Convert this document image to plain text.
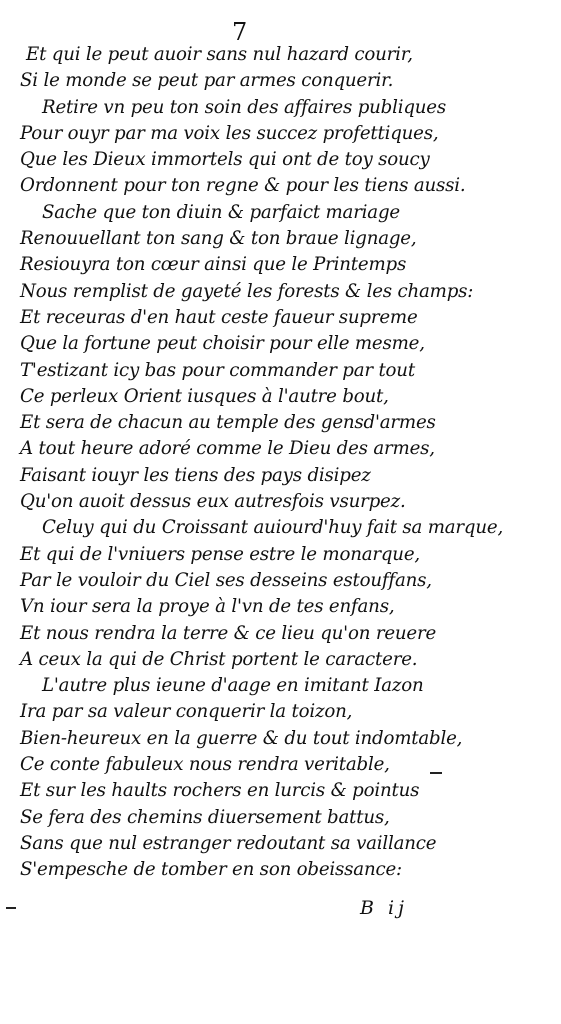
7
Et qui le peut auoir sans nul hazard courir,
Si le monde se peut par armes conquerir.
Retire vn peu ton soin des affaires publiques
Pour ouyr par ma voix les succez profettiques,
Que les Dieux immortels qui ont de toy soucy
Ordonnent pour ton regne & pour les tiens aussi.
Sache que ton diuin & parfaict mariage
Renouuellant ton sang & ton braue lignage,
Resiouyra ton cœur ainsi que le Printemps
Nous remplist de gayeté les forests & les champs:
Et receuras d'en haut ceste faueur supreme
Que la fortune peut choisir pour elle mesme,
T'estizant icy bas pour commander par tout
Ce perleux Orient iusques à l'autre bout,
Et sera de chacun au temple des gensd'armes
A tout heure adoré comme le Dieu des armes,
Faisant iouyr les tiens des pays disipez
Qu'on auoit dessus eux autresfois vsurpez.
Celuy qui du Croissant auiourd'huy fait sa marque,
Et qui de l'vniuers pense estre le monarque,
Par le vouloir du Ciel ses desseins estouffans,
Vn iour sera la proye à l'vn de tes enfans,
Et nous rendra la terre & ce lieu qu'on reuere
A ceux la qui de Christ portent le caractere.
L'autre plus ieune d'aage en imitant Iazon
Ira par sa valeur conquerir la toizon,
Bien-heureux en la guerre & du tout indomtable,
Ce conte fabuleux nous rendra veritable,
Et sur les haults rochers en lurcis & pointus
Se fera des chemins diuersement battus,
Sans que nul estranger redoutant sa vaillance
S'empesche de tomber en son obeissance:
B ij
